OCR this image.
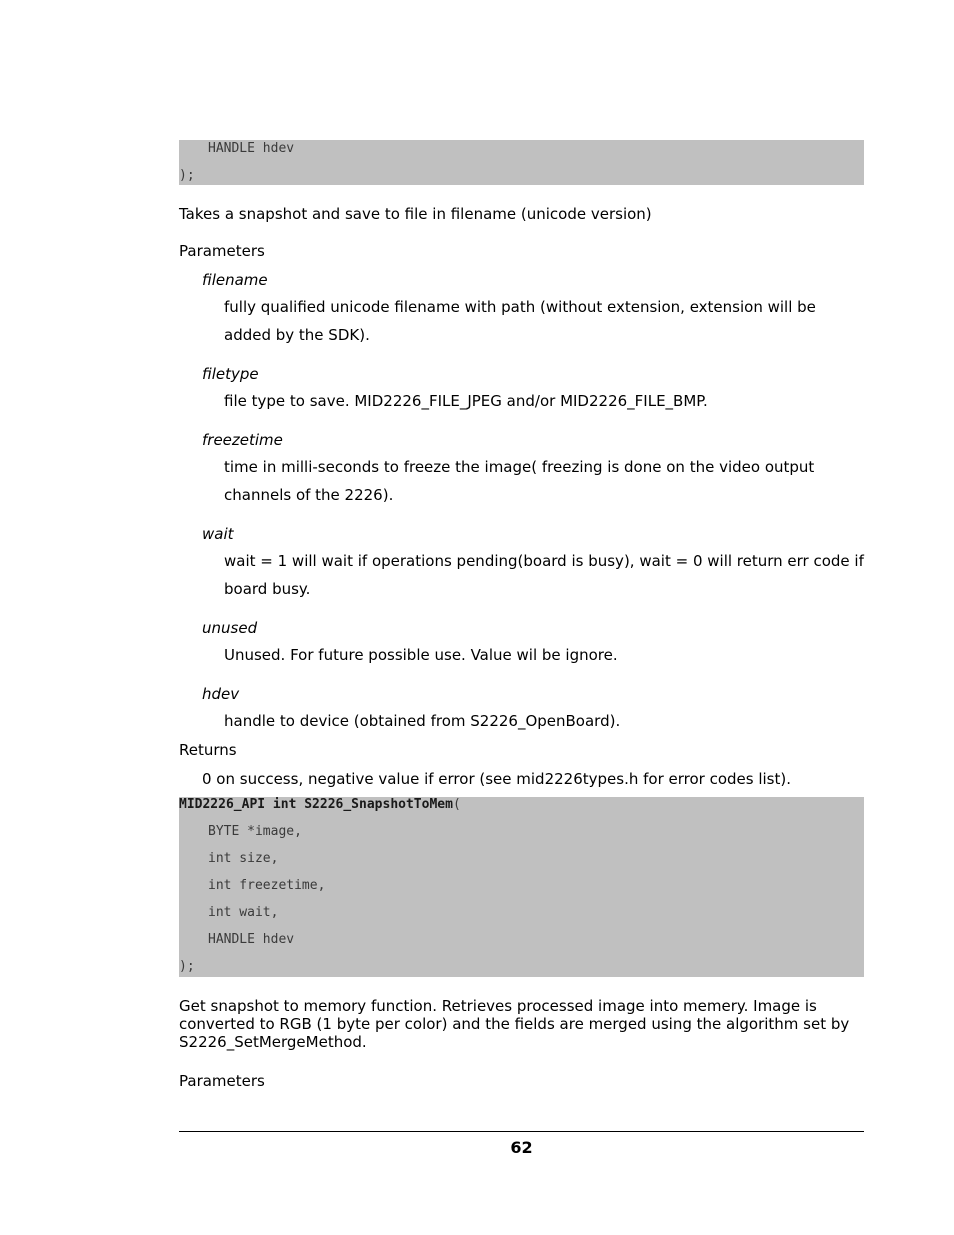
HANDLE hdev
);
Takes a snapshot and save to file in filename (unicode version)
Parameters
filename
fully qualified unicode filename with path (without extension, extension will be added by the SDK).
filetype
file type to save. MID2226_FILE_JPEG and/or MID2226_FILE_BMP.
freezetime
time in milli-seconds to freeze the image( freezing is done on the video output channels of the 2226).
wait
wait = 1 will wait if operations pending(board is busy), wait = 0 will return err code if board busy.
unused
Unused. For future possible use. Value wil be ignore.
hdev
handle to device (obtained from S2226_OpenBoard).
Returns
0 on success, negative value if error (see mid2226types.h for error codes list).
MID2226_API int S2226_SnapshotToMem(
BYTE *image,
int size,
int freezetime,
int wait,
HANDLE hdev
);
Get snapshot to memory function. Retrieves processed image into memery. Image is converted to RGB (1 byte per color) and the fields are merged using the algorithm set by S2226_SetMergeMethod.
Parameters
62
